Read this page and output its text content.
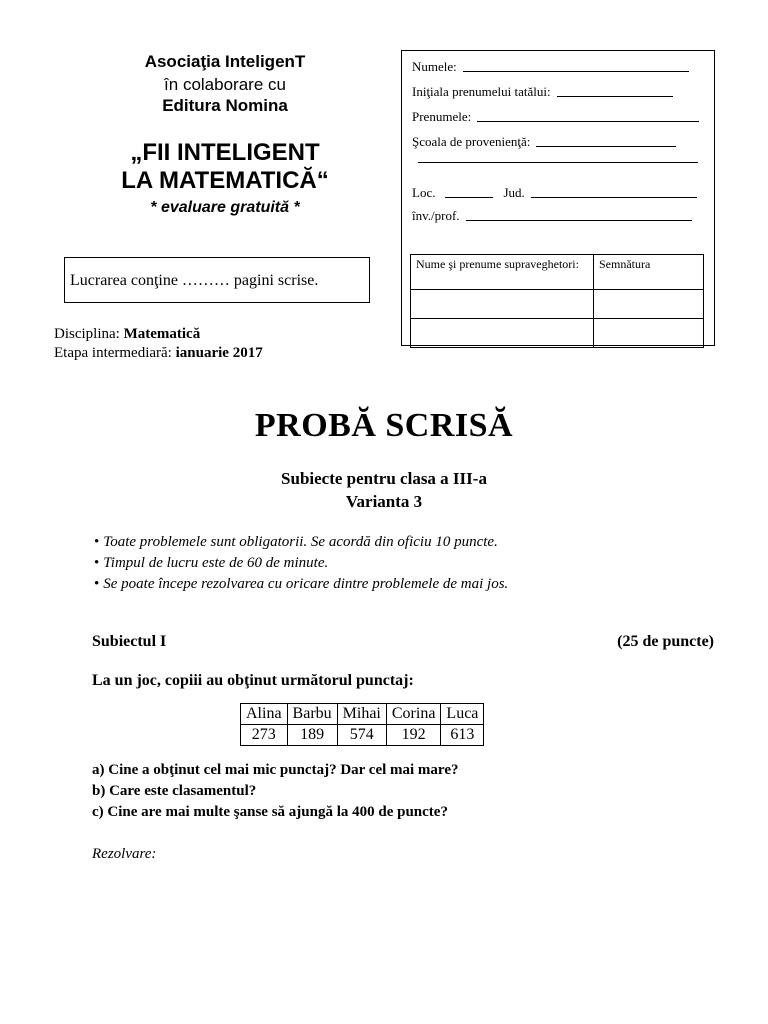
Asociaţia InteligenT
în colaborare cu
Editura Nomina
„FII INTELIGENT
LA MATEMATICĂ“
* evaluare gratuită *
Lucrarea conţine ……… pagini scrise.
Disciplina: Matematică
Etapa intermediară: ianuarie 2017
Numele:
Iniţiala prenumelui tatălui:
Prenumele:
Şcoala de provenienţă:
Loc.	Jud.
înv./prof.
Nume şi prenume supraveghetori:	Semnătura

PROBĂ SCRISĂ
Subiecte pentru clasa a III-a
Varianta 3
• Toate problemele sunt obligatorii. Se acordă din oficiu 10 puncte.
• Timpul de lucru este de 60 de minute.
• Se poate începe rezolvarea cu oricare dintre problemele de mai jos.
Subiectul I	(25 de puncte)
La un joc, copiii au obţinut următorul punctaj:
Alina	Barbu	Mihai	Corina	Luca
273	189	574	192	613
a) Cine a obţinut cel mai mic punctaj? Dar cel mai mare?
b) Care este clasamentul?
c) Cine are mai multe şanse să ajungă la 400 de puncte?
Rezolvare:
